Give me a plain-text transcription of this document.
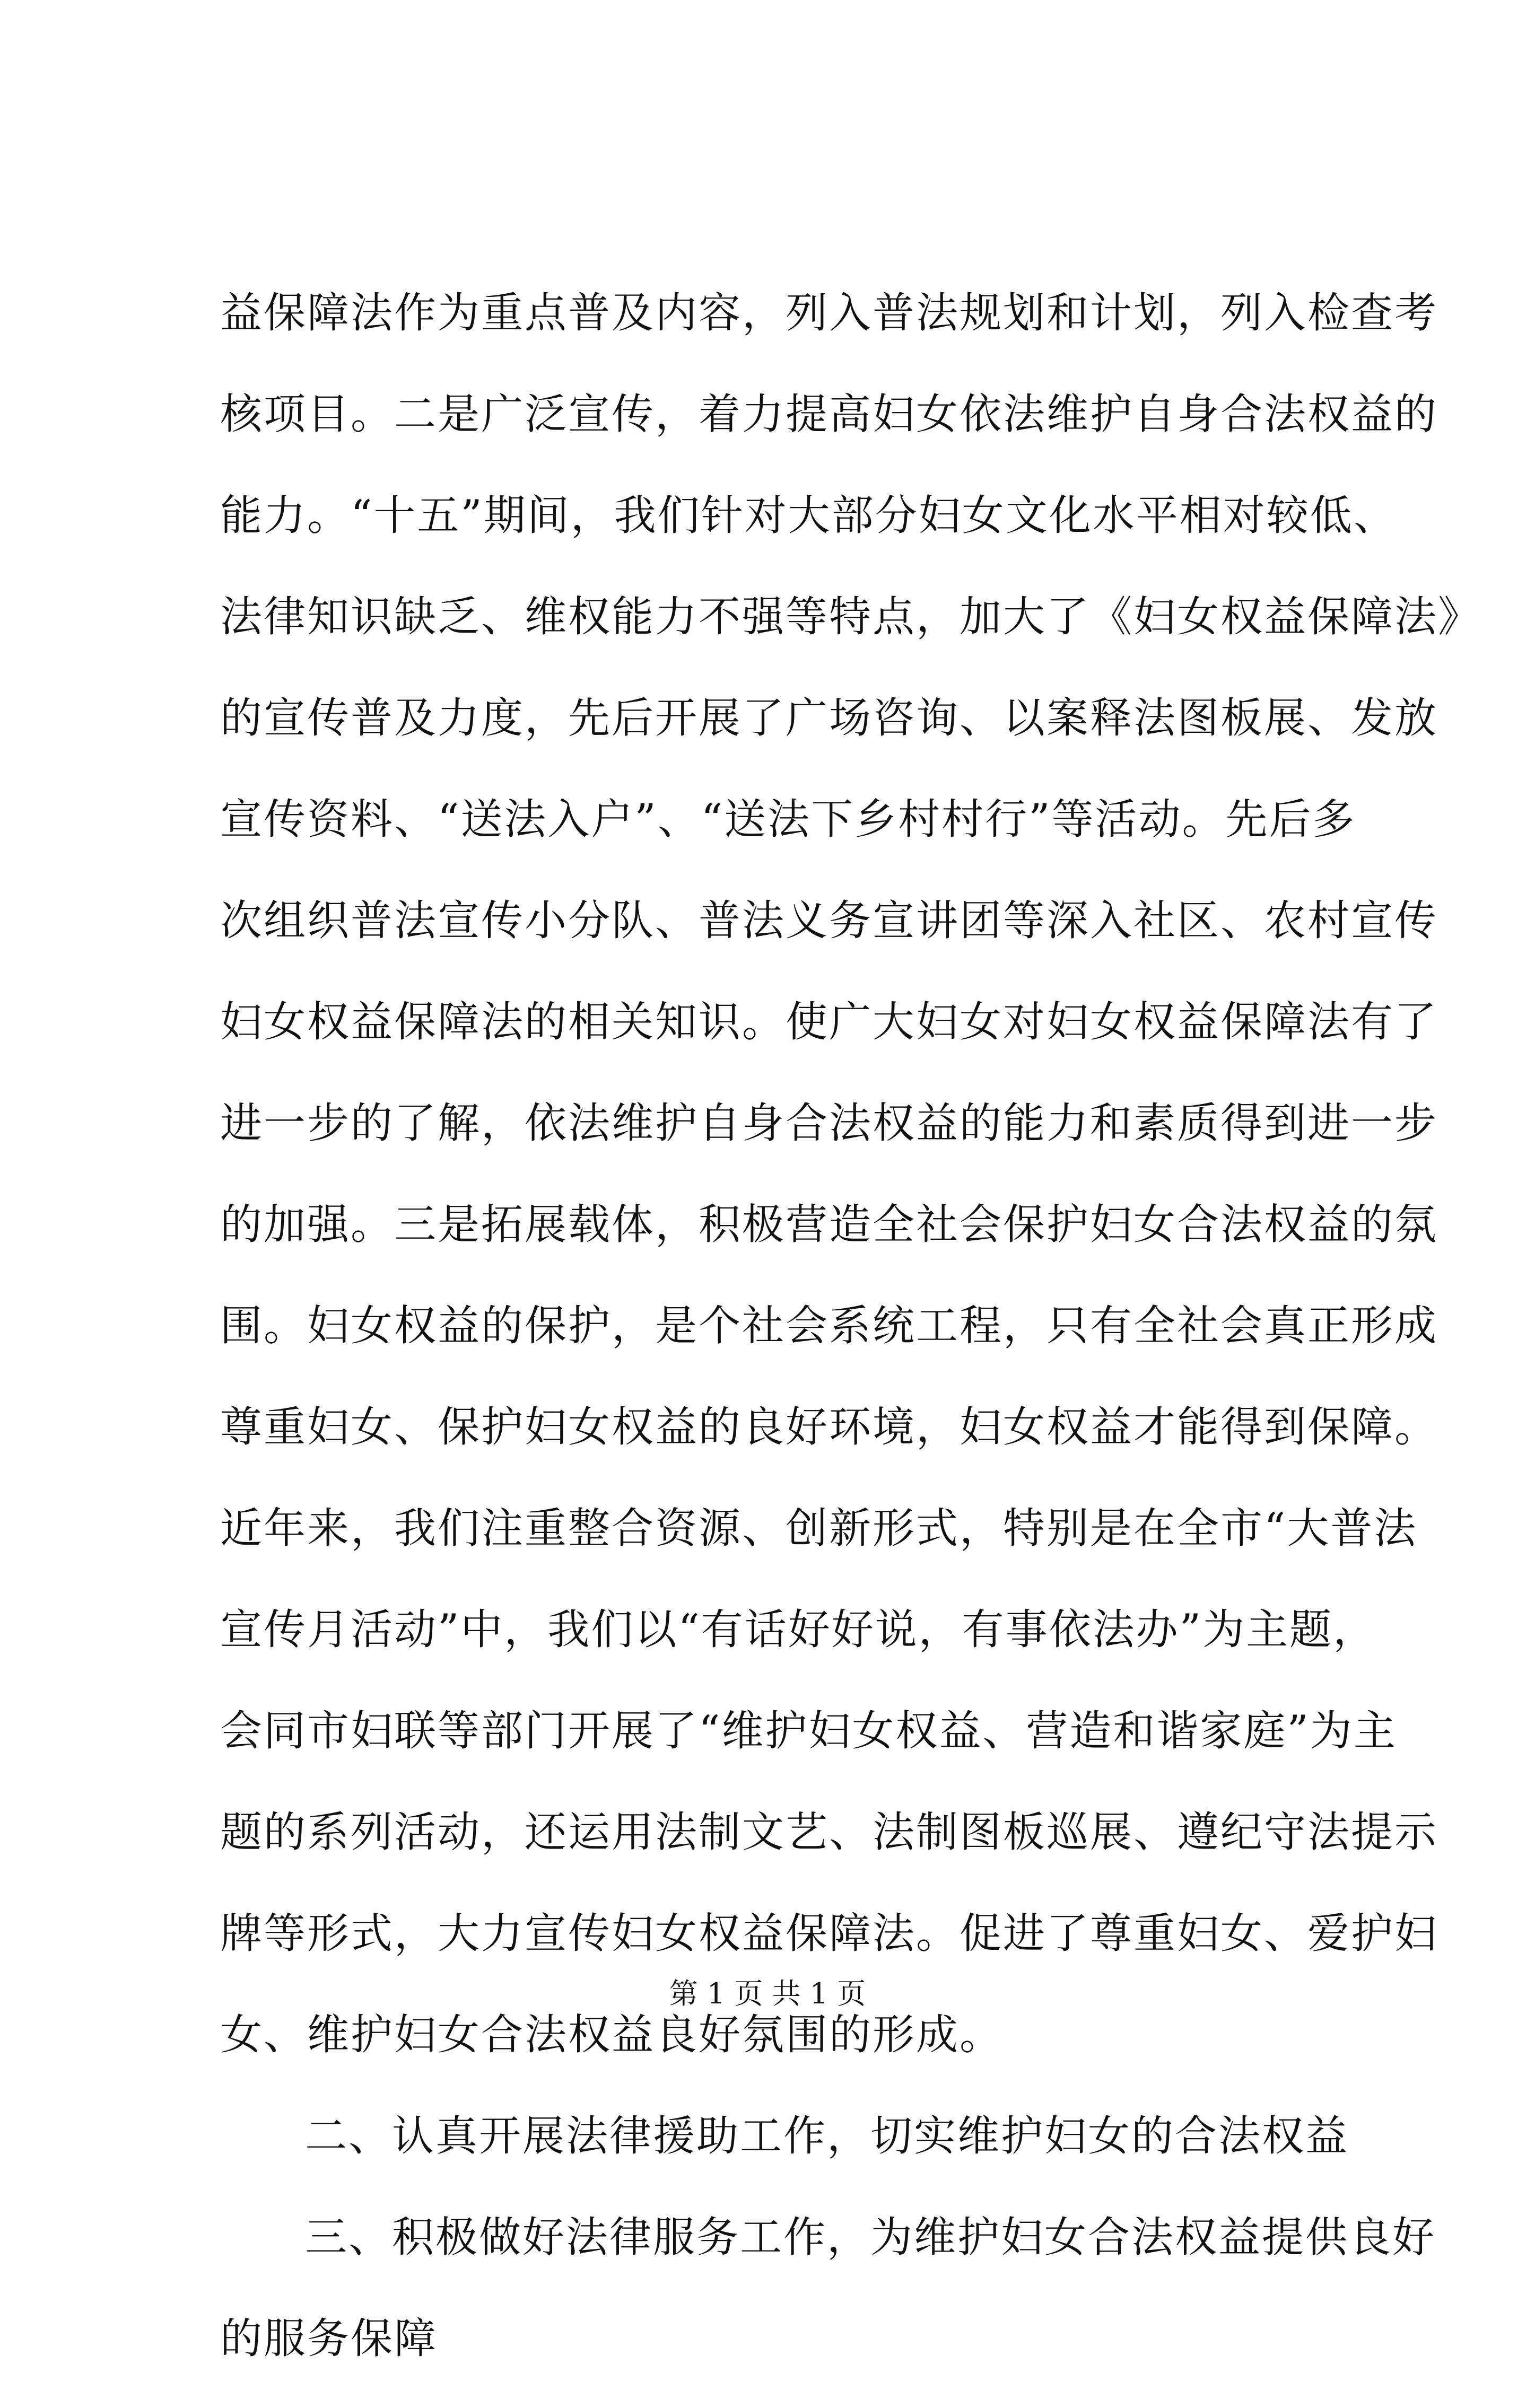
益保障法作为重点普及内容，列入普法规划和计划，列入检查考
核项目。二是广泛宣传，着力提高妇女依法维护自身合法权益的
能力。“十五”期间，我们针对大部分妇女文化水平相对较低、
法律知识缺乏、维权能力不强等特点，加大了《妇女权益保障法》
的宣传普及力度，先后开展了广场咨询、以案释法图板展、发放
宣传资料、“送法入户”、“送法下乡村村行”等活动。先后多
次组织普法宣传小分队、普法义务宣讲团等深入社区、农村宣传
妇女权益保障法的相关知识。使广大妇女对妇女权益保障法有了
进一步的了解，依法维护自身合法权益的能力和素质得到进一步
的加强。三是拓展载体，积极营造全社会保护妇女合法权益的氛
围。妇女权益的保护，是个社会系统工程，只有全社会真正形成
尊重妇女、保护妇女权益的良好环境，妇女权益才能得到保障。
近年来，我们注重整合资源、创新形式，特别是在全市“大普法
宣传月活动”中，我们以“有话好好说，有事依法办”为主题，
会同市妇联等部门开展了“维护妇女权益、营造和谐家庭”为主
题的系列活动，还运用法制文艺、法制图板巡展、遵纪守法提示
牌等形式，大力宣传妇女权益保障法。促进了尊重妇女、爱护妇
女、维护妇女合法权益良好氛围的形成。
二、认真开展法律援助工作，切实维护妇女的合法权益
三、积极做好法律服务工作，为维护妇女合法权益提供良好
的服务保障
第 1 页 共 1 页
